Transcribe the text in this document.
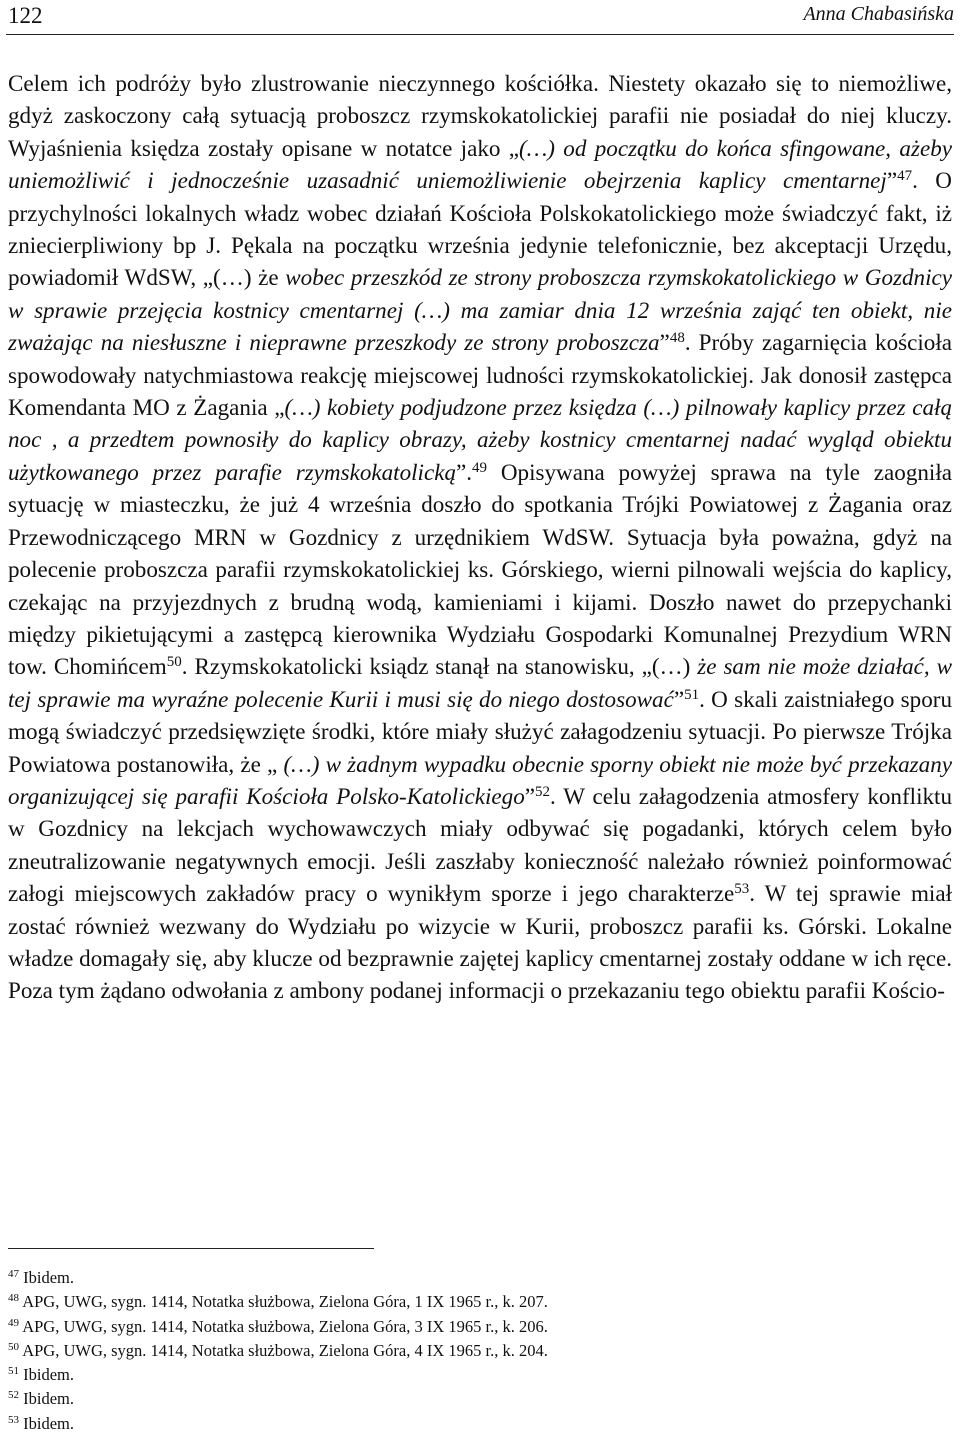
122	Anna Chabasińska

Celem ich podróży było zlustrowanie nieczynnego kościółka. Niestety okazało się to niemożliwe, gdyż zaskoczony całą sytuacją proboszcz rzymskokatolickiej parafii nie posiadał do niej kluczy. Wyjaśnienia księdza zostały opisane w notatce jako „(…) od początku do końca sfingowane, ażeby uniemożliwić i jednocześnie uzasadnić uniemożliwienie obejrzenia kaplicy cmentarnej”$^{47}$. O przychylności lokalnych władz wobec działań Kościoła Polskokatolickiego może świadczyć fakt, iż zniecierpliwiony bp J. Pękala na początku września jedynie telefonicznie, bez akceptacji Urzędu, powiadomił WdSW, „(…) że wobec przeszkód ze strony proboszcza rzymskokatolickiego w Gozdnicy w sprawie przejęcia kostnicy cmentarnej (…) ma zamiar dnia 12 września zająć ten obiekt, nie zważając na niesłuszne i nieprawne przeszkody ze strony proboszcza”$^{48}$. Próby zagarnięcia kościoła spowodowały natychmiastowa reakcję miejscowej ludności rzymskokatolickiej. Jak donosił zastępca Komendanta MO z Żagania „(…) kobiety podjudzone przez księdza (…) pilnowały kaplicy przez całą noc , a przedtem pownosiły do kaplicy obrazy, ażeby kostnicy cmentarnej nadać wygląd obiektu użytkowanego przez parafie rzymskokatolicką”.$^{49}$ Opisywana powyżej sprawa na tyle zaogniła sytuację w miasteczku, że już 4 września doszło do spotkania Trójki Powiatowej z Żagania oraz Przewodniczącego MRN w Gozdnicy z urzędnikiem WdSW. Sytuacja była poważna, gdyż na polecenie proboszcza parafii rzymskokatolickiej ks. Górskiego, wierni pilnowali wejścia do kaplicy, czekając na przyjezdnych z brudną wodą, kamieniami i kijami. Doszło nawet do przepychanki między pikietującymi a zastępcą kierownika Wydziału Gospodarki Komunalnej Prezydium WRN tow. Chomińcem$^{50}$. Rzymskokatolicki ksiądz stanął na stanowisku, „(…) że sam nie może działać, w tej sprawie ma wyraźne polecenie Kurii i musi się do niego dostosować”$^{51}$. O skali zaistniałego sporu mogą świadczyć przedsięwzięte środki, które miały służyć załagodzeniu sytuacji. Po pierwsze Trójka Powiatowa postanowiła, że „ (…) w żadnym wypadku obecnie sporny obiekt nie może być przekazany organizującej się parafii Kościoła Polsko-Katolickiego”$^{52}$. W celu załagodzenia atmosfery konfliktu w Gozdnicy na lekcjach wychowawczych miały odbywać się pogadanki, których celem było zneutralizowanie negatywnych emocji. Jeśli zaszłaby konieczność należało również poinformować załogi miejscowych zakładów pracy o wynikłym sporze i jego charakterze$^{53}$. W tej sprawie miał zostać również wezwany do Wydziału po wizycie w Kurii, proboszcz parafii ks. Górski. Lokalne władze domagały się, aby klucze od bezprawnie zajętej kaplicy cmentarnej zostały oddane w ich ręce. Poza tym żądano odwołania z ambony podanej informacji o przekazaniu tego obiektu parafii Kościo-

$^{47}$ Ibidem.
$^{48}$ APG, UWG, sygn. 1414, Notatka służbowa, Zielona Góra, 1 IX 1965 r., k. 207.
$^{49}$ APG, UWG, sygn. 1414, Notatka służbowa, Zielona Góra, 3 IX 1965 r., k. 206.
$^{50}$ APG, UWG, sygn. 1414, Notatka służbowa, Zielona Góra, 4 IX 1965 r., k. 204.
$^{51}$ Ibidem.
$^{52}$ Ibidem.
$^{53}$ Ibidem.
